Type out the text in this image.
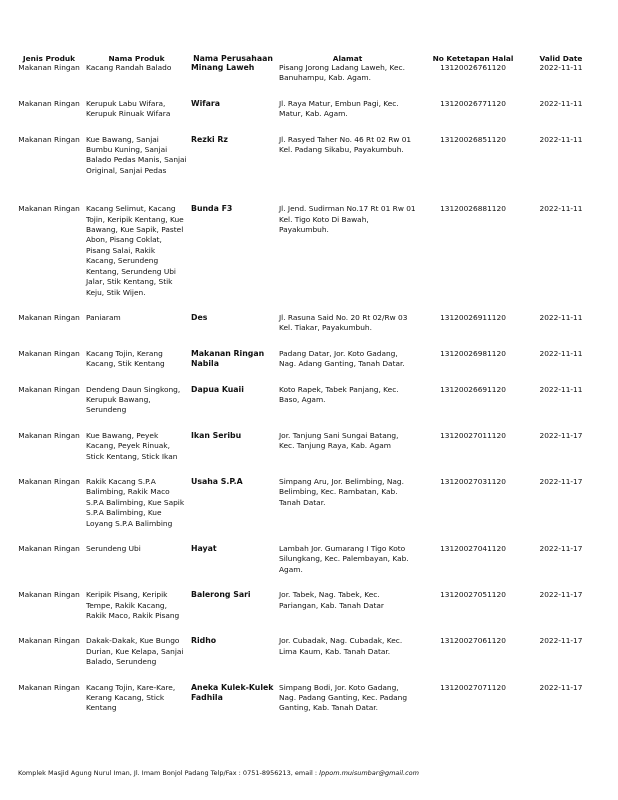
Jenis Produk	Nama Produk	Nama Perusahaan	Alamat	No Ketetapan Halal	Valid Date
Makanan Ringan	Kacang Randah Balado	Minang Laweh	Pisang Jorong Ladang Laweh, Kec. Banuhampu, Kab. Agam.	13120026761120	2022-11-11
Makanan Ringan	Kerupuk Labu Wifara, Kerupuk Rinuak Wifara	Wifara	Jl. Raya Matur, Embun Pagi, Kec. Matur, Kab. Agam.	13120026771120	2022-11-11
Makanan Ringan	Kue Bawang, Sanjai Bumbu Kuning, Sanjai Balado Pedas Manis, Sanjai Original, Sanjai Pedas	Rezki Rz	Jl. Rasyed Taher No. 46 Rt 02 Rw 01 Kel. Padang Sikabu, Payakumbuh.	13120026851120	2022-11-11
Makanan Ringan	Kacang Selimut, Kacang Tojin, Keripik Kentang, Kue Bawang, Kue Sapik, Pastel Abon, Pisang Coklat, Pisang Salai, Rakik Kacang, Serundeng Kentang, Serundeng Ubi Jalar, Stik Kentang, Stik Keju, Stik Wijen.	Bunda F3	Jl. Jend. Sudirman No.17 Rt 01 Rw 01 Kel. Tigo Koto Di Bawah, Payakumbuh.	13120026881120	2022-11-11
Makanan Ringan	Paniaram	Des	Jl. Rasuna Said No. 20 Rt 02/Rw 03 Kel. Tiakar, Payakumbuh.	13120026911120	2022-11-11
Makanan Ringan	Kacang Tojin, Kerang Kacang, Stik Kentang	Makanan Ringan Nabila	Padang Datar, Jor. Koto Gadang, Nag. Adang Ganting, Tanah Datar.	13120026981120	2022-11-11
Makanan Ringan	Dendeng Daun Singkong, Kerupuk Bawang, Serundeng	Dapua Kuaii	Koto Rapek, Tabek Panjang, Kec. Baso, Agam.	13120026691120	2022-11-11
Makanan Ringan	Kue Bawang, Peyek Kacang, Peyek Rinuak, Stick Kentang, Stick Ikan	Ikan Seribu	Jor. Tanjung Sani Sungai Batang, Kec. Tanjung Raya, Kab. Agam	13120027011120	2022-11-17
Makanan Ringan	Rakik Kacang S.P.A Balimbing, Rakik Maco S.P.A Balimbing, Kue Sapik S.P.A Balimbing, Kue Loyang S.P.A Balimbing	Usaha S.P.A	Simpang Aru, Jor. Belimbing, Nag. Belimbing, Kec. Rambatan, Kab. Tanah Datar.	13120027031120	2022-11-17
Makanan Ringan	Serundeng Ubi	Hayat	Lambah Jor. Gumarang I Tigo Koto Silungkang, Kec. Palembayan, Kab. Agam.	13120027041120	2022-11-17
Makanan Ringan	Keripik Pisang, Keripik Tempe, Rakik Kacang, Rakik Maco, Rakik Pisang	Balerong Sari	Jor. Tabek, Nag. Tabek, Kec. Pariangan, Kab. Tanah Datar	13120027051120	2022-11-17
Makanan Ringan	Dakak-Dakak, Kue Bungo Durian, Kue Kelapa, Sanjai Balado, Serundeng	Ridho	Jor. Cubadak, Nag. Cubadak, Kec. Lima Kaum, Kab. Tanah Datar.	13120027061120	2022-11-17
Makanan Ringan	Kacang Tojin, Kare-Kare, Kerang Kacang, Stick Kentang	Aneka Kulek-Kulek Fadhila	Simpang Bodi, Jor. Koto Gadang, Nag. Padang Ganting, Kec. Padang Ganting, Kab. Tanah Datar.	13120027071120	2022-11-17
Komplek Masjid Agung Nurul Iman, Jl. Imam Bonjol Padang Telp/Fax : 0751-8956213, email : lppom.muisumbar@gmail.com
